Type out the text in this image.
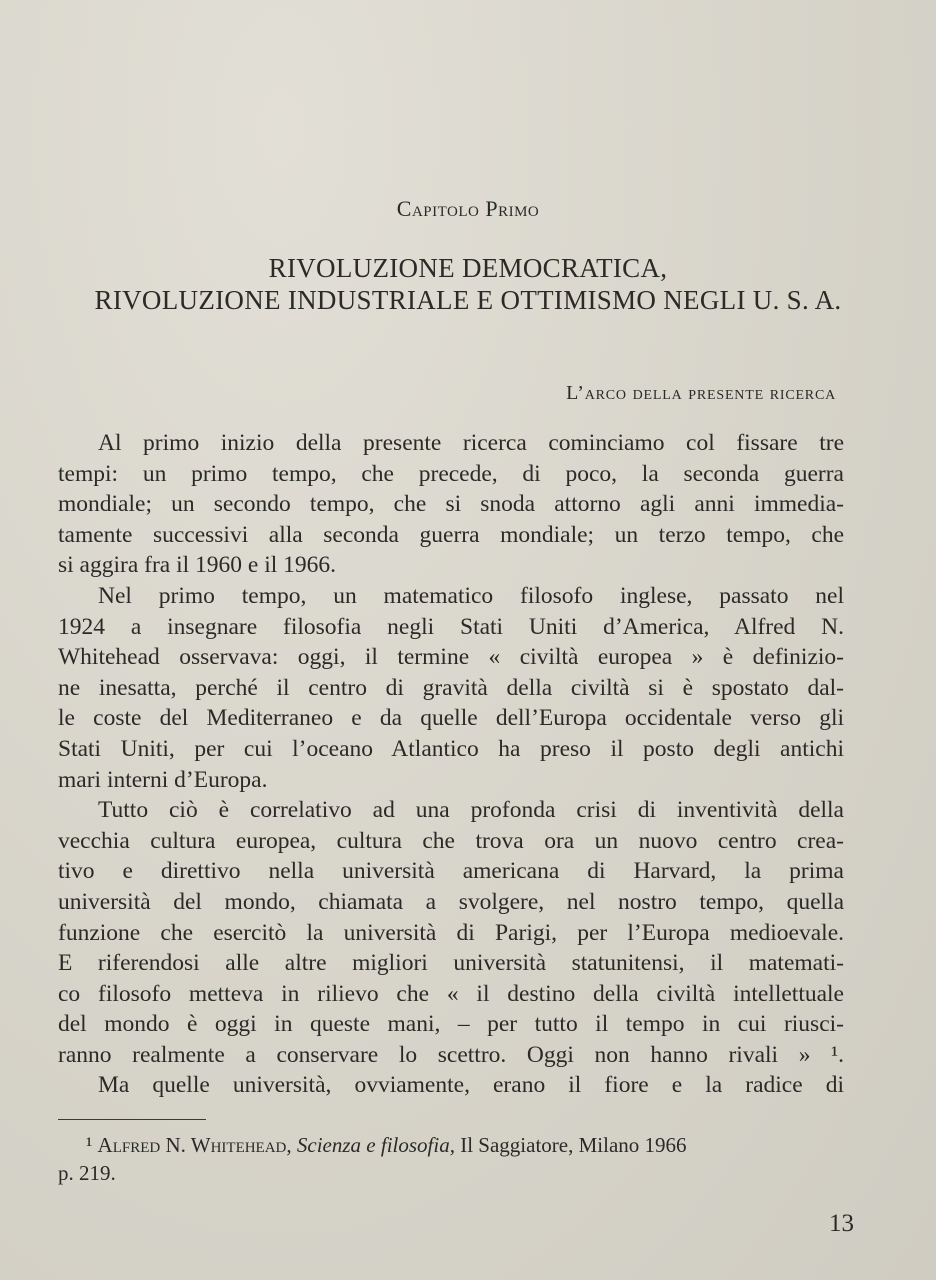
Capitolo Primo
RIVOLUZIONE DEMOCRATICA,
RIVOLUZIONE INDUSTRIALE E OTTIMISMO NEGLI U. S. A.
L’arco della presente ricerca
Al primo inizio della presente ricerca cominciamo col fissare tre
tempi: un primo tempo, che precede, di poco, la seconda guerra
mondiale; un secondo tempo, che si snoda attorno agli anni immedia-
tamente successivi alla seconda guerra mondiale; un terzo tempo, che
si aggira fra il 1960 e il 1966.
Nel primo tempo, un matematico filosofo inglese, passato nel
1924 a insegnare filosofia negli Stati Uniti d’America, Alfred N.
Whitehead osservava: oggi, il termine « civiltà europea » è definizio-
ne inesatta, perché il centro di gravità della civiltà si è spostato dal-
le coste del Mediterraneo e da quelle dell’Europa occidentale verso gli
Stati Uniti, per cui l’oceano Atlantico ha preso il posto degli antichi
mari interni d’Europa.
Tutto ciò è correlativo ad una profonda crisi di inventività della
vecchia cultura europea, cultura che trova ora un nuovo centro crea-
tivo e direttivo nella università americana di Harvard, la prima
università del mondo, chiamata a svolgere, nel nostro tempo, quella
funzione che esercitò la università di Parigi, per l’Europa medioevale.
E riferendosi alle altre migliori università statunitensi, il matemati-
co filosofo metteva in rilievo che « il destino della civiltà intellettuale
del mondo è oggi in queste mani, – per tutto il tempo in cui riusci-
ranno realmente a conservare lo scettro. Oggi non hanno rivali » ¹.
Ma quelle università, ovviamente, erano il fiore e la radice di
¹ Alfred N. Whitehead, Scienza e filosofia, Il Saggiatore, Milano 1966
p. 219.
13
